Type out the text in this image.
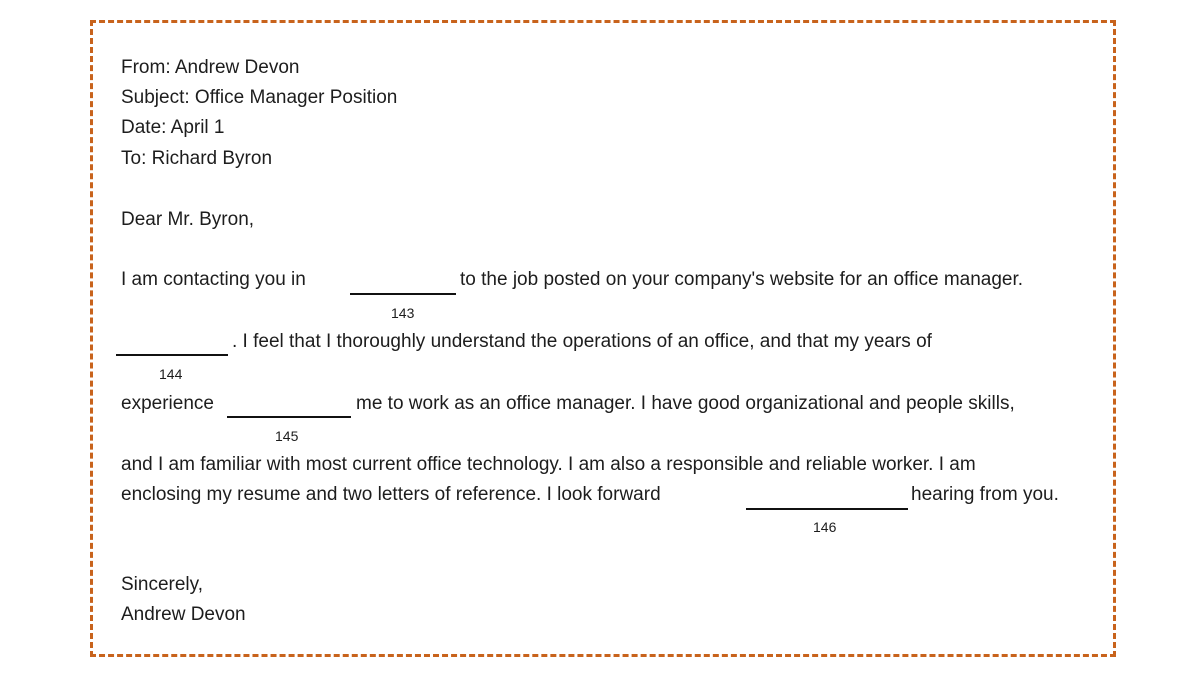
From: Andrew Devon
Subject: Office Manager Position
Date: April 1
To: Richard Byron
Dear Mr. Byron,
I am contacting you in	to the job posted on your company's website for an office manager.
143
. I feel that I thoroughly understand the operations of an office, and that my years of
144
experience	me to work as an office manager. I have good organizational and people skills,
145
and I am familiar with most current office technology. I am also a responsible and reliable worker. I am
enclosing my resume and two letters of reference. I look forward	hearing from you.
146
Sincerely,
Andrew Devon
